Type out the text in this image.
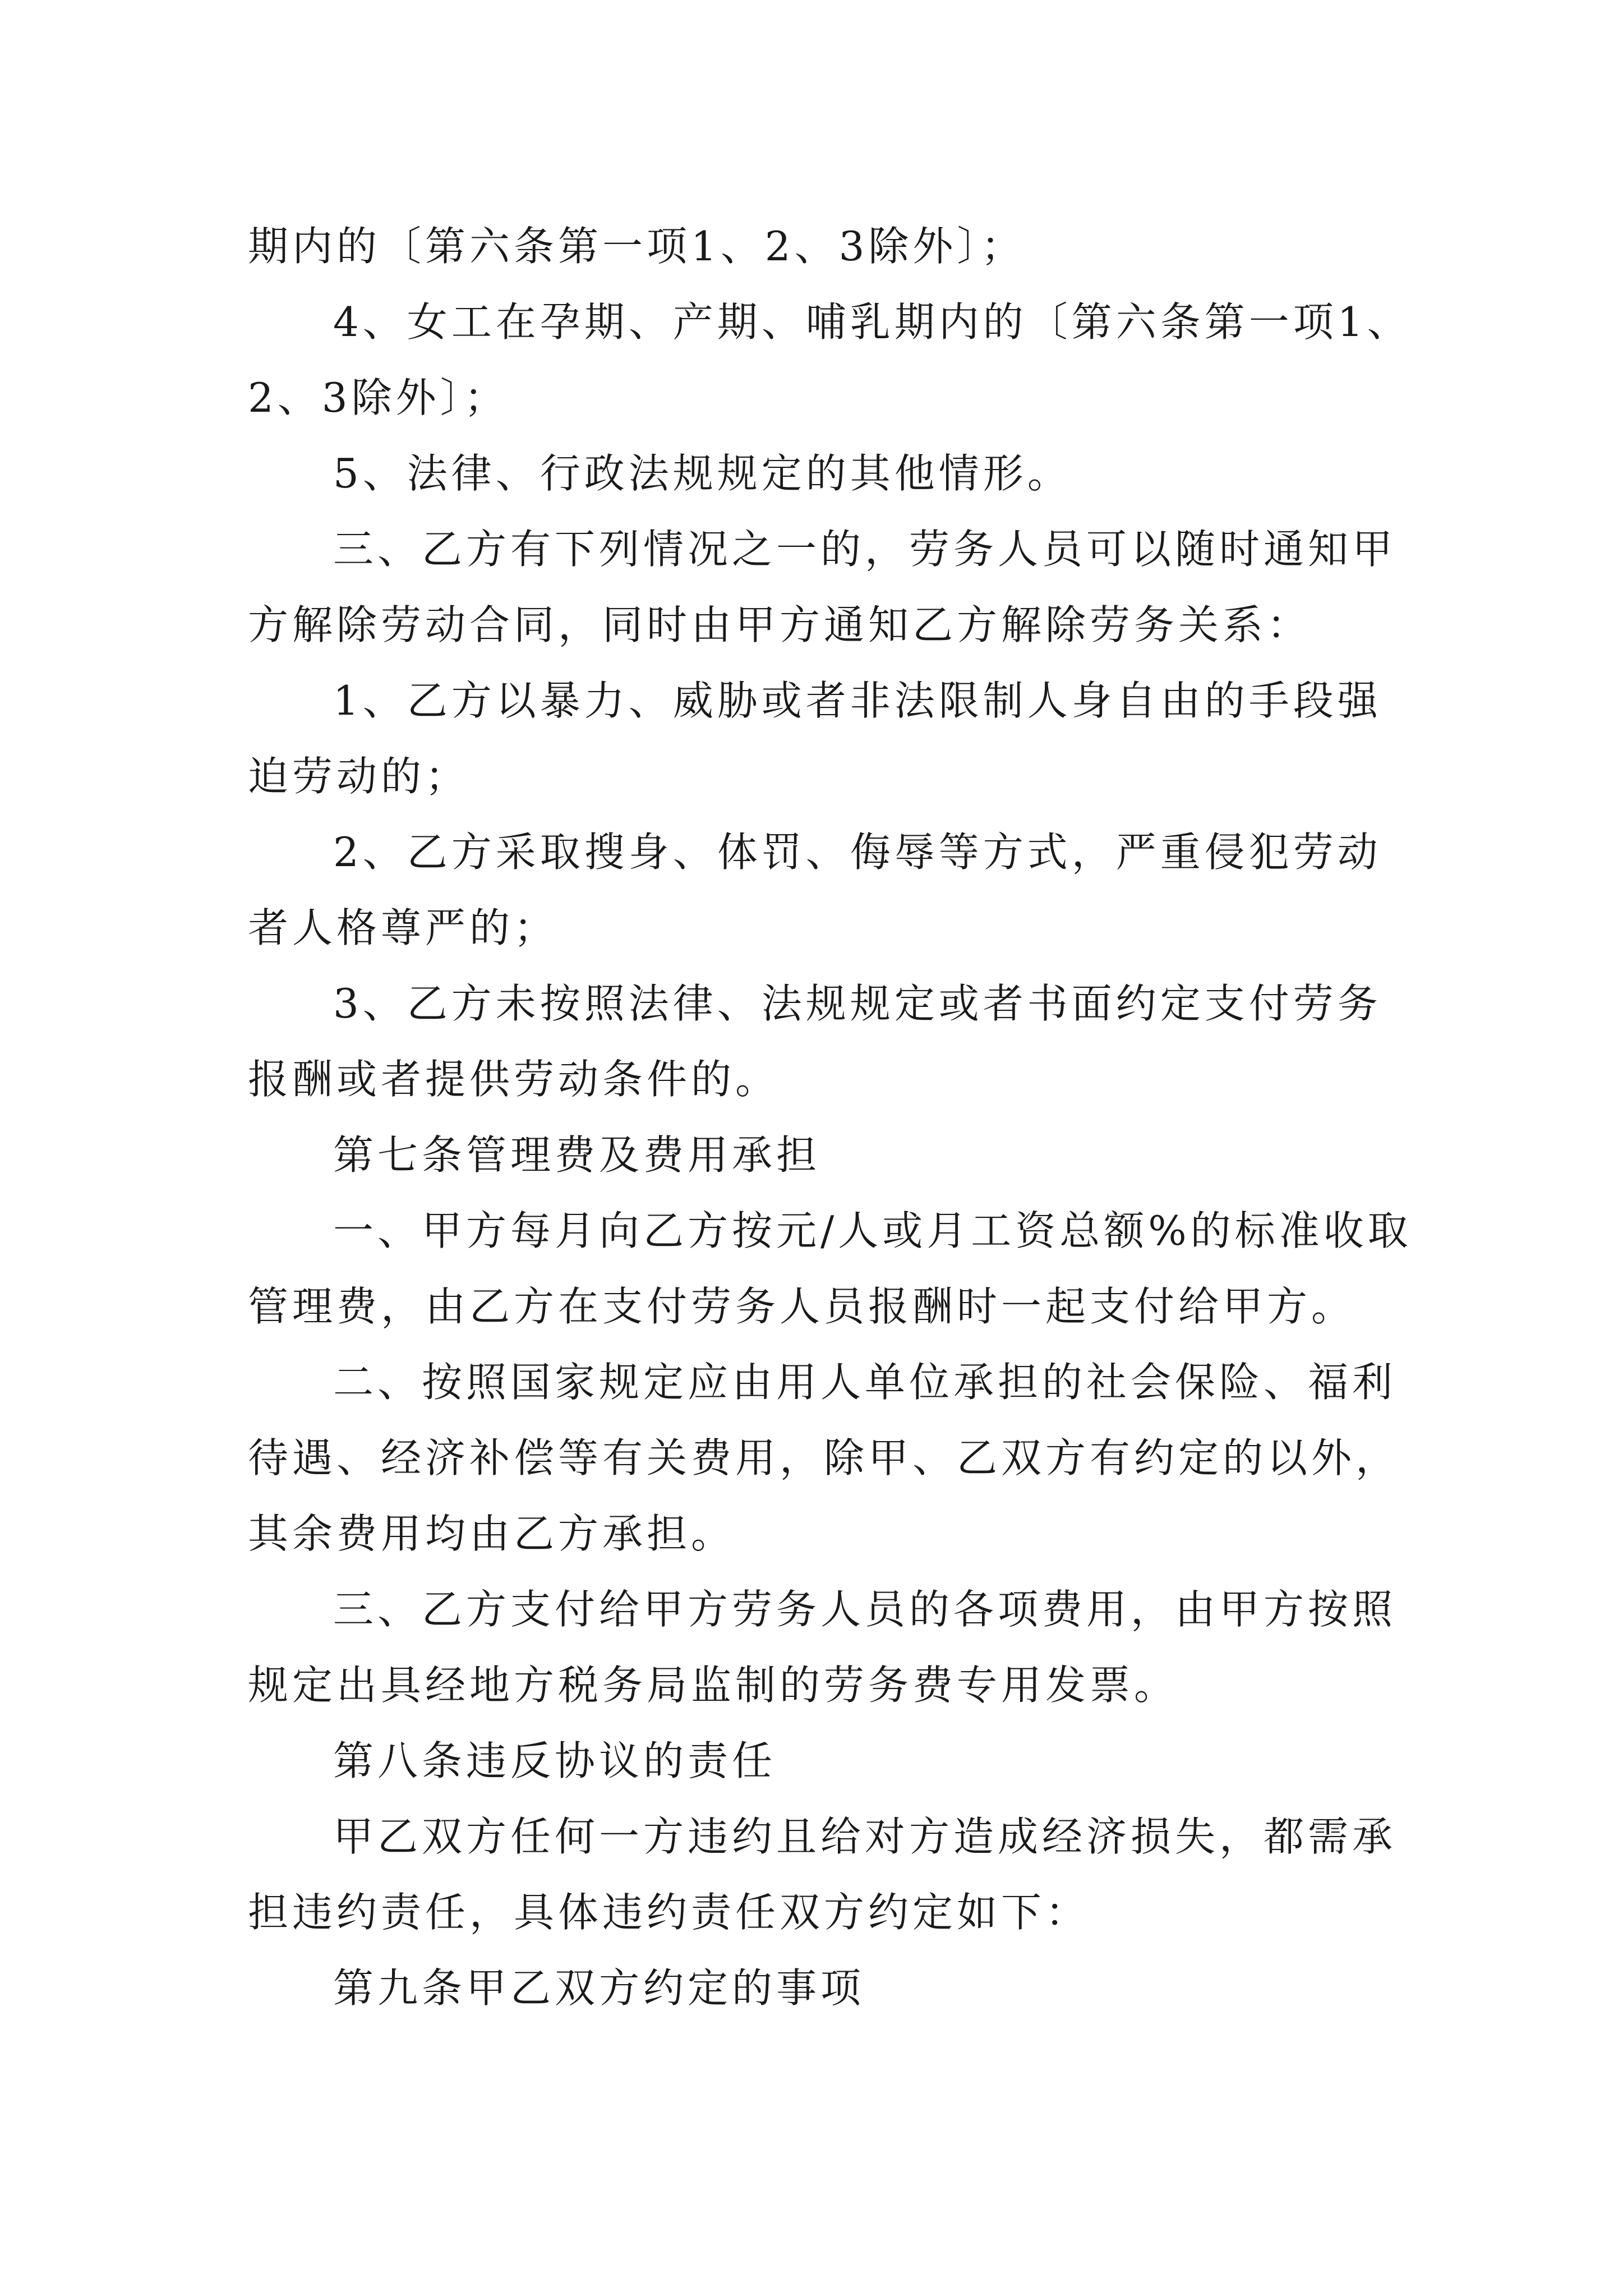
期内的〔第六条第一项1、2、3除外〕；
4、女工在孕期、产期、哺乳期内的〔第六条第一项1、
2、3除外〕；
5、法律、行政法规规定的其他情形。
三、乙方有下列情况之一的，劳务人员可以随时通知甲
方解除劳动合同，同时由甲方通知乙方解除劳务关系：
1、乙方以暴力、威胁或者非法限制人身自由的手段强
迫劳动的；
2、乙方采取搜身、体罚、侮辱等方式，严重侵犯劳动
者人格尊严的；
3、乙方未按照法律、法规规定或者书面约定支付劳务
报酬或者提供劳动条件的。
第七条管理费及费用承担
一、甲方每月向乙方按元/人或月工资总额%的标准收取
管理费，由乙方在支付劳务人员报酬时一起支付给甲方。
二、按照国家规定应由用人单位承担的社会保险、福利
待遇、经济补偿等有关费用，除甲、乙双方有约定的以外，
其余费用均由乙方承担。
三、乙方支付给甲方劳务人员的各项费用，由甲方按照
规定出具经地方税务局监制的劳务费专用发票。
第八条违反协议的责任
甲乙双方任何一方违约且给对方造成经济损失，都需承
担违约责任，具体违约责任双方约定如下：
第九条甲乙双方约定的事项
